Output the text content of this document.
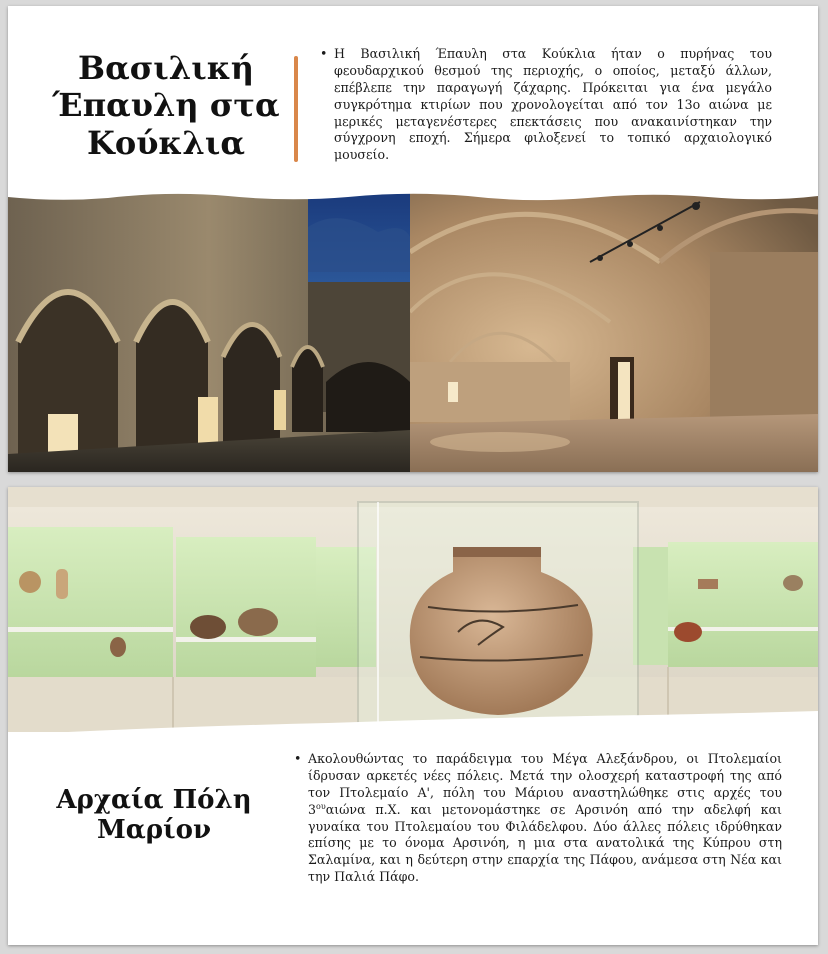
Βασιλική
Έπαυλη στα
Κούκλια
• Η Βασιλική Έπαυλη στα Κούκλια ήταν ο πυρήνας του φεουδαρχικού θεσμού της περιοχής, ο οποίος, μεταξύ άλλων, επέβλεπε την παραγωγή ζάχαρης. Πρόκειται για ένα μεγάλο συγκρότημα κτιρίων που χρονολογείται από τον 13ο αιώνα με μερικές μεταγενέστερες επεκτάσεις που ανακαινίστηκαν την σύγχρονη εποχή. Σήμερα φιλοξενεί το τοπικό αρχαιολογικό μουσείο.
Αρχαία Πόλη
Μαρίον
• Ακολουθώντας το παράδειγμα του Μέγα Αλεξάνδρου, οι Πτολεμαίοι ίδρυσαν αρκετές νέες πόλεις. Μετά την ολοσχερή καταστροφή της από τον Πτολεμαίο Α', πόλη του Μάριου αναστηλώθηκε στις αρχές του $3^{o\upsilon}\alpha\iota ώ\nu\alpha$ π.Χ. και μετονομάστηκε σε Αρσινόη από την αδελφή και γυναίκα του Πτολεμαίου του Φιλάδελφου. Δύο άλλες πόλεις ιδρύθηκαν επίσης με το όνομα Αρσινόη, η μια στα ανατολικά της Κύπρου στη Σαλαμίνα, και η δεύτερη στην επαρχία της Πάφου, ανάμεσα στη Νέα και την Παλιά Πάφο.
